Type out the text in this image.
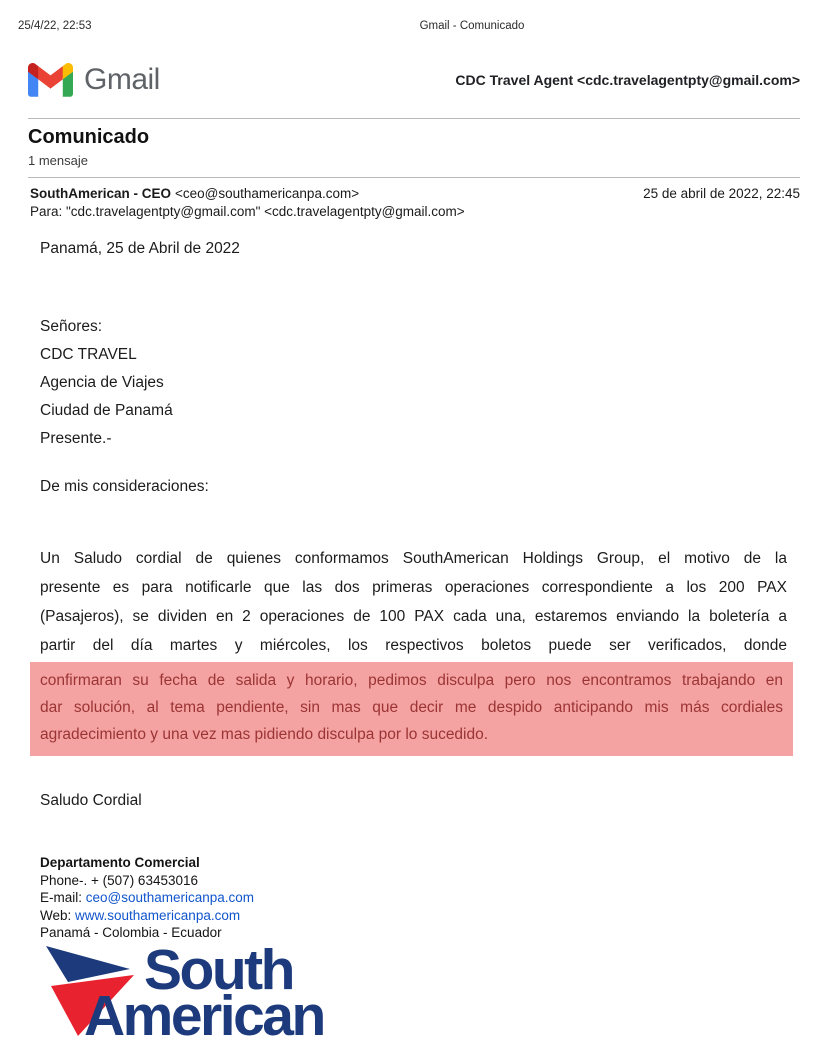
25/4/22, 22:53	Gmail - Comunicado
Gmail	CDC Travel Agent <cdc.travelagentpty@gmail.com>
Comunicado
1 mensaje
SouthAmerican - CEO <ceo@southamericanpa.com>	25 de abril de 2022, 22:45
Para: "cdc.travelagentpty@gmail.com" <cdc.travelagentpty@gmail.com>
Panamá, 25 de Abril de 2022
Señores:
CDC TRAVEL
Agencia de Viajes
Ciudad de Panamá
Presente.-
De mis consideraciones:
Un Saludo cordial de quienes conformamos SouthAmerican Holdings Group, el motivo de la
presente es para notificarle que las dos primeras operaciones correspondiente a los 200 PAX
(Pasajeros), se dividen en 2 operaciones de 100 PAX cada una, estaremos enviando la boletería a
partir del día martes y miércoles, los respectivos boletos puede ser verificados, donde
confirmaran su fecha de salida y horario, pedimos disculpa pero nos encontramos trabajando en
dar solución, al tema pendiente, sin mas que decir me despido anticipando mis más cordiales
agradecimiento y una vez mas pidiendo disculpa por lo sucedido.
Saludo Cordial
Departamento Comercial
Phone-. + (507) 63453016
E-mail: ceo@southamericanpa.com
Web: www.southamericanpa.com
Panamá - Colombia - Ecuador
South
American
